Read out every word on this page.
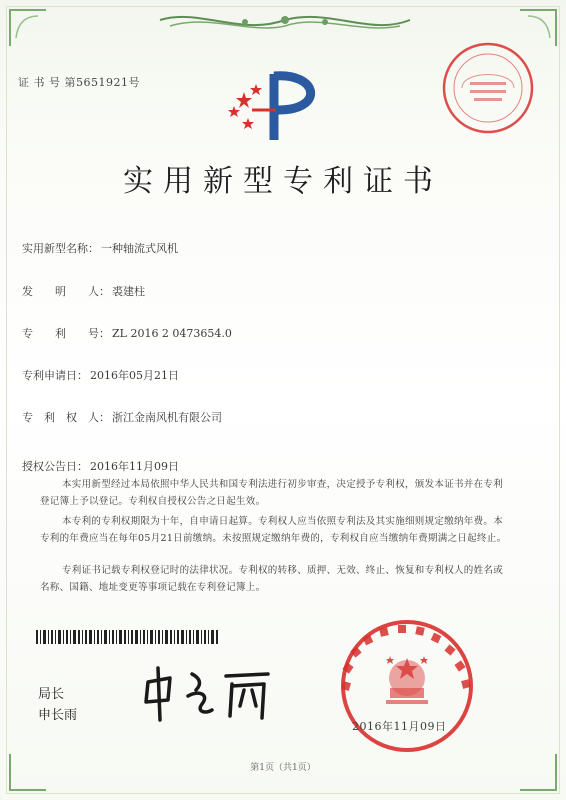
证 书 号 第5651921号
实用新型专利证书
实用新型名称： 一种轴流式风机
发　　明　　人： 裘建柱
专　　利　　号： ZL 2016 2 0473654.0
专利申请日： 2016年05月21日
专　利　权　人： 浙江金南风机有限公司
授权公告日： 2016年11月09日
本实用新型经过本局依照中华人民共和国专利法进行初步审查，决定授予专利权，颁发本证书并在专利登记簿上予以登记。专利权自授权公告之日起生效。
本专利的专利权期限为十年，自申请日起算。专利权人应当依照专利法及其实施细则规定缴纳年费。本专利的年费应当在每年05月21日前缴纳。未按照规定缴纳年费的，专利权自应当缴纳年费期满之日起终止。
专利证书记载专利权登记时的法律状况。专利权的转移、质押、无效、终止、恢复和专利权人的姓名或名称、国籍、地址变更等事项记载在专利登记簿上。
局长
申长雨
2016年11月09日
第1页（共1页）
